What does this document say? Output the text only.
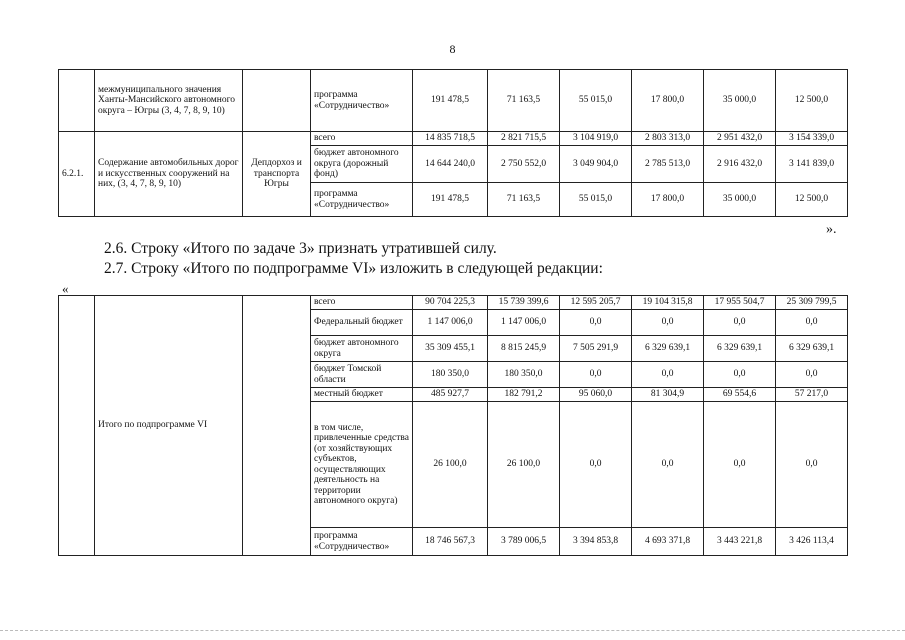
8
	межмуниципального значения Ханты-Мансийского автономного округа – Югры (3, 4, 7, 8, 9, 10)		программа «Сотрудничество»	191 478,5	71 163,5	55 015,0	17 800,0	35 000,0	12 500,0
6.2.1.	Содержание автомобильных дорог и искусственных сооружений на них, (3, 4, 7, 8, 9, 10)	Депдорхоз и транспорта Югры	всего	14 835 718,5	2 821 715,5	3 104 919,0	2 803 313,0	2 951 432,0	3 154 339,0
			бюджет автономного округа (дорожный фонд)	14 644 240,0	2 750 552,0	3 049 904,0	2 785 513,0	2 916 432,0	3 141 839,0
			программа «Сотрудничество»	191 478,5	71 163,5	55 015,0	17 800,0	35 000,0	12 500,0
».
2.6. Строку «Итого по задаче 3» признать утратившей силу.
2.7. Строку «Итого по подпрограмме VI» изложить в следующей редакции:
«
	Итого по подпрограмме VI		всего	90 704 225,3	15 739 399,6	12 595 205,7	19 104 315,8	17 955 504,7	25 309 799,5
			Федеральный бюджет	1 147 006,0	1 147 006,0	0,0	0,0	0,0	0,0
			бюджет автономного округа	35 309 455,1	8 815 245,9	7 505 291,9	6 329 639,1	6 329 639,1	6 329 639,1
			бюджет Томской области	180 350,0	180 350,0	0,0	0,0	0,0	0,0
			местный бюджет	485 927,7	182 791,2	95 060,0	81 304,9	69 554,6	57 217,0
			в том числе, привлеченные средства (от хозяйствующих субъектов, осуществляющих деятельность на территории автономного округа)	26 100,0	26 100,0	0,0	0,0	0,0	0,0
			программа «Сотрудничество»	18 746 567,3	3 789 006,5	3 394 853,8	4 693 371,8	3 443 221,8	3 426 113,4
